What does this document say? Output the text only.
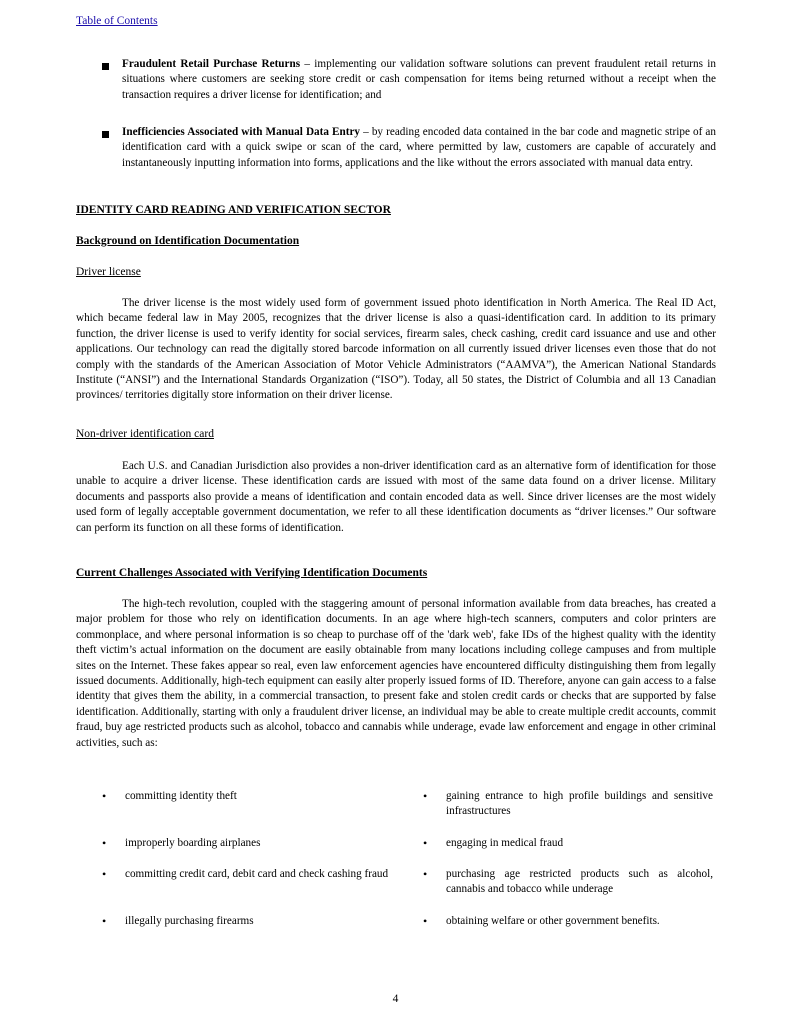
Table of Contents

Fraudulent Retail Purchase Returns – implementing our validation software solutions can prevent fraudulent retail returns in situations where customers are seeking store credit or cash compensation for items being returned without a receipt when the transaction requires a driver license for identification; and

Inefficiencies Associated with Manual Data Entry – by reading encoded data contained in the bar code and magnetic stripe of an identification card with a quick swipe or scan of the card, where permitted by law, customers are capable of accurately and instantaneously inputting information into forms, applications and the like without the errors associated with manual data entry.

IDENTITY CARD READING AND VERIFICATION SECTOR

Background on Identification Documentation

Driver license

The driver license is the most widely used form of government issued photo identification in North America. The Real ID Act, which became federal law in May 2005, recognizes that the driver license is also a quasi-identification card. In addition to its primary function, the driver license is used to verify identity for social services, firearm sales, check cashing, credit card issuance and use and other applications. Our technology can read the digitally stored barcode information on all currently issued driver licenses even those that do not comply with the standards of the American Association of Motor Vehicle Administrators (“AAMVA”), the American National Standards Institute (“ANSI”) and the International Standards Organization (“ISO”). Today, all 50 states, the District of Columbia and all 13 Canadian provinces/ territories digitally store information on their driver license.

Non-driver identification card

Each U.S. and Canadian Jurisdiction also provides a non-driver identification card as an alternative form of identification for those unable to acquire a driver license. These identification cards are issued with most of the same data found on a driver license. Military documents and passports also provide a means of identification and contain encoded data as well. Since driver licenses are the most widely used form of legally acceptable government documentation, we refer to all these identification documents as “driver licenses.” Our software can perform its function on all these forms of identification.

Current Challenges Associated with Verifying Identification Documents

The high-tech revolution, coupled with the staggering amount of personal information available from data breaches, has created a major problem for those who rely on identification documents. In an age where high-tech scanners, computers and color printers are commonplace, and where personal information is so cheap to purchase off of the 'dark web', fake IDs of the highest quality with the identity theft victim’s actual information on the document are easily obtainable from many locations including college campuses and from multiple sites on the Internet. These fakes appear so real, even law enforcement agencies have encountered difficulty distinguishing them from legally issued documents. Additionally, high-tech equipment can easily alter properly issued forms of ID. Therefore, anyone can gain access to a false identity that gives them the ability, in a commercial transaction, to present fake and stolen credit cards or checks that are supported by false identification. Additionally, starting with only a fraudulent driver license, an individual may be able to create multiple credit accounts, commit fraud, buy age restricted products such as alcohol, tobacco and cannabis while underage, evade law enforcement and engage in other criminal activities, such as:

• committing identity theft	• gaining entrance to high profile buildings and sensitive infrastructures
• improperly boarding airplanes	• engaging in medical fraud
• committing credit card, debit card and check cashing fraud	• purchasing age restricted products such as alcohol, cannabis and tobacco while underage
• illegally purchasing firearms	• obtaining welfare or other government benefits.
4
